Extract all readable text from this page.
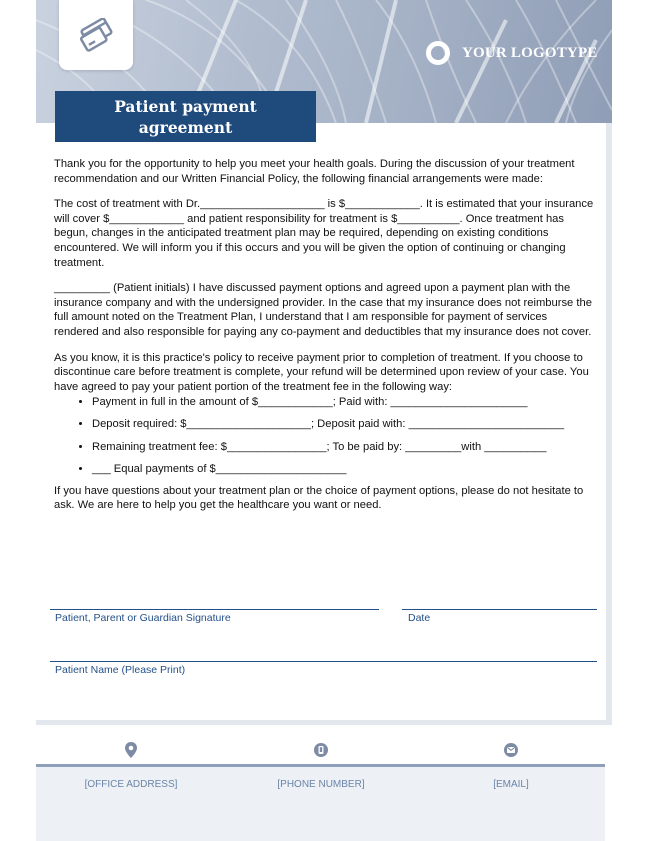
YOUR LOGOTYPE
Patient payment
agreement

Thank you for the opportunity to help you meet your health goals. During the discussion of your treatment recommendation and our Written Financial Policy, the following financial arrangements were made:

The cost of treatment with Dr.____________________ is $____________. It is estimated that your insurance will cover $____________ and patient responsibility for treatment is $__________. Once treatment has begun, changes in the anticipated treatment plan may be required, depending on existing conditions encountered. We will inform you if this occurs and you will be given the option of continuing or changing treatment.

_________ (Patient initials) I have discussed payment options and agreed upon a payment plan with the insurance company and with the undersigned provider. In the case that my insurance does not reimburse the full amount noted on the Treatment Plan, I understand that I am responsible for payment of services rendered and also responsible for paying any co-payment and deductibles that my insurance does not cover.

As you know, it is this practice's policy to receive payment prior to completion of treatment. If you choose to discontinue care before treatment is complete, your refund will be determined upon review of your case. You have agreed to pay your patient portion of the treatment fee in the following way:

• Payment in full in the amount of $____________; Paid with: ______________________
• Deposit required: $____________________; Deposit paid with: _________________________
• Remaining treatment fee: $________________; To be paid by: _________with __________
• ___ Equal payments of $_____________________

If you have questions about your treatment plan or the choice of payment options, please do not hesitate to ask. We are here to help you get the healthcare you want or need.

Patient, Parent or Guardian Signature	Date
Patient Name (Please Print)
[OFFICE ADDRESS]	[PHONE NUMBER]	[EMAIL]
